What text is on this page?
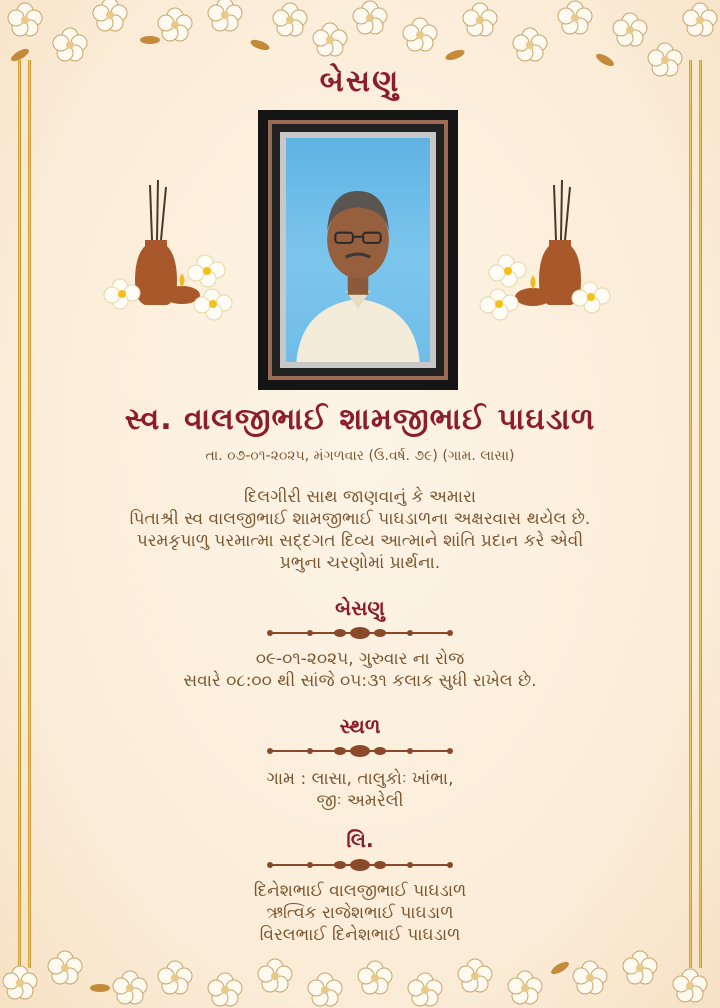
બેસણુ
સ્વ. વાલજીભાઈ શામજીભાઈ પાઘડાળ
તા. ૦૭-૦૧-૨૦૨૫, મંગળવાર (ઉ.વર્ષ. ૭૯) (ગામ. લાસા)
દિલગીરી સાથ જાણવાનું કે અમારા
પિતાશ્રી સ્વ વાલજીભાઈ શામજીભાઈ પાઘડાળના અક્ષરવાસ થયેલ છે.
પરમકૃપાળુ પરમાત્મા સદ્દગત દિવ્ય આત્માને શાંતિ પ્રદાન કરે એવી
પ્રભુના ચરણોમાં પ્રાર્થના.
બેસણુ
૦૯-૦૧-૨૦૨૫, ગુરુવાર ના રોજ
સવારે ૦૮:૦૦ થી સાંજે ૦૫:૩૧ કલાક સુધી રાખેલ છે.
સ્થળ
ગામ : લાસા, તાલુકોઃ ખાંભા,
જીઃ અમરેલી
લિ.
દિનેશભાઈ વાલજીભાઈ પાઘડાળ
ઋત્વિક રાજેશભાઈ પાઘડાળ
વિરલભાઈ દિનેશભાઈ પાઘડાળ
